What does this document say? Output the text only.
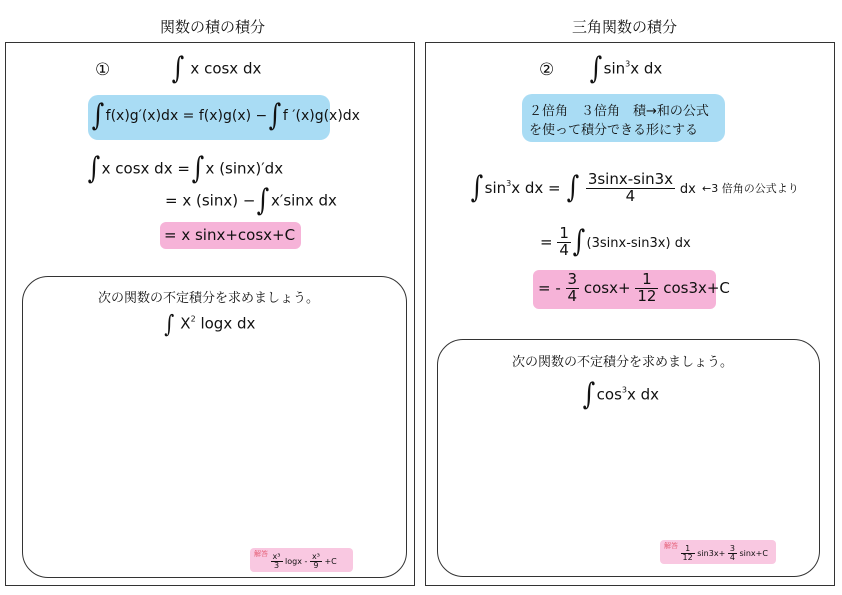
関数の積の積分
① ∫ x cosx dx
∫ f(x)g′(x)dx = f(x)g(x) −∫ f ′(x)g(x)dx
∫ x cosx dx =∫ x (sinx)′dx
= x (sinx) −∫ x′sinx dx
= x sinx+cosx+C
次の関数の不定積分を求めましょう。
∫ $X^2$ logx dx
解答 $\frac{\text{x³}}{3}$ $\log x - \frac{\text{x³}}{9} +C$
三角関数の積分
② ∫ $\sin^3x$ dx
２倍角　３倍角　積→和の公式
を使って積分できる形にする
∫ $\sin^3x$ dx = ∫ $\frac{3\sin x-\sin 3x}{4}$ dx ←3 倍角の公式より
= $\frac{1}{4}$ ∫ (3sinx-sin3x) dx
= - $\frac{3}{4} \cos x+ \frac{1}{12} \cos 3x+C$
次の関数の不定積分を求めましょう。
∫ $\cos^3x$ dx
解答 $\frac{1}{12} \sin 3x+ \frac{3}{4} \sin x+C$
